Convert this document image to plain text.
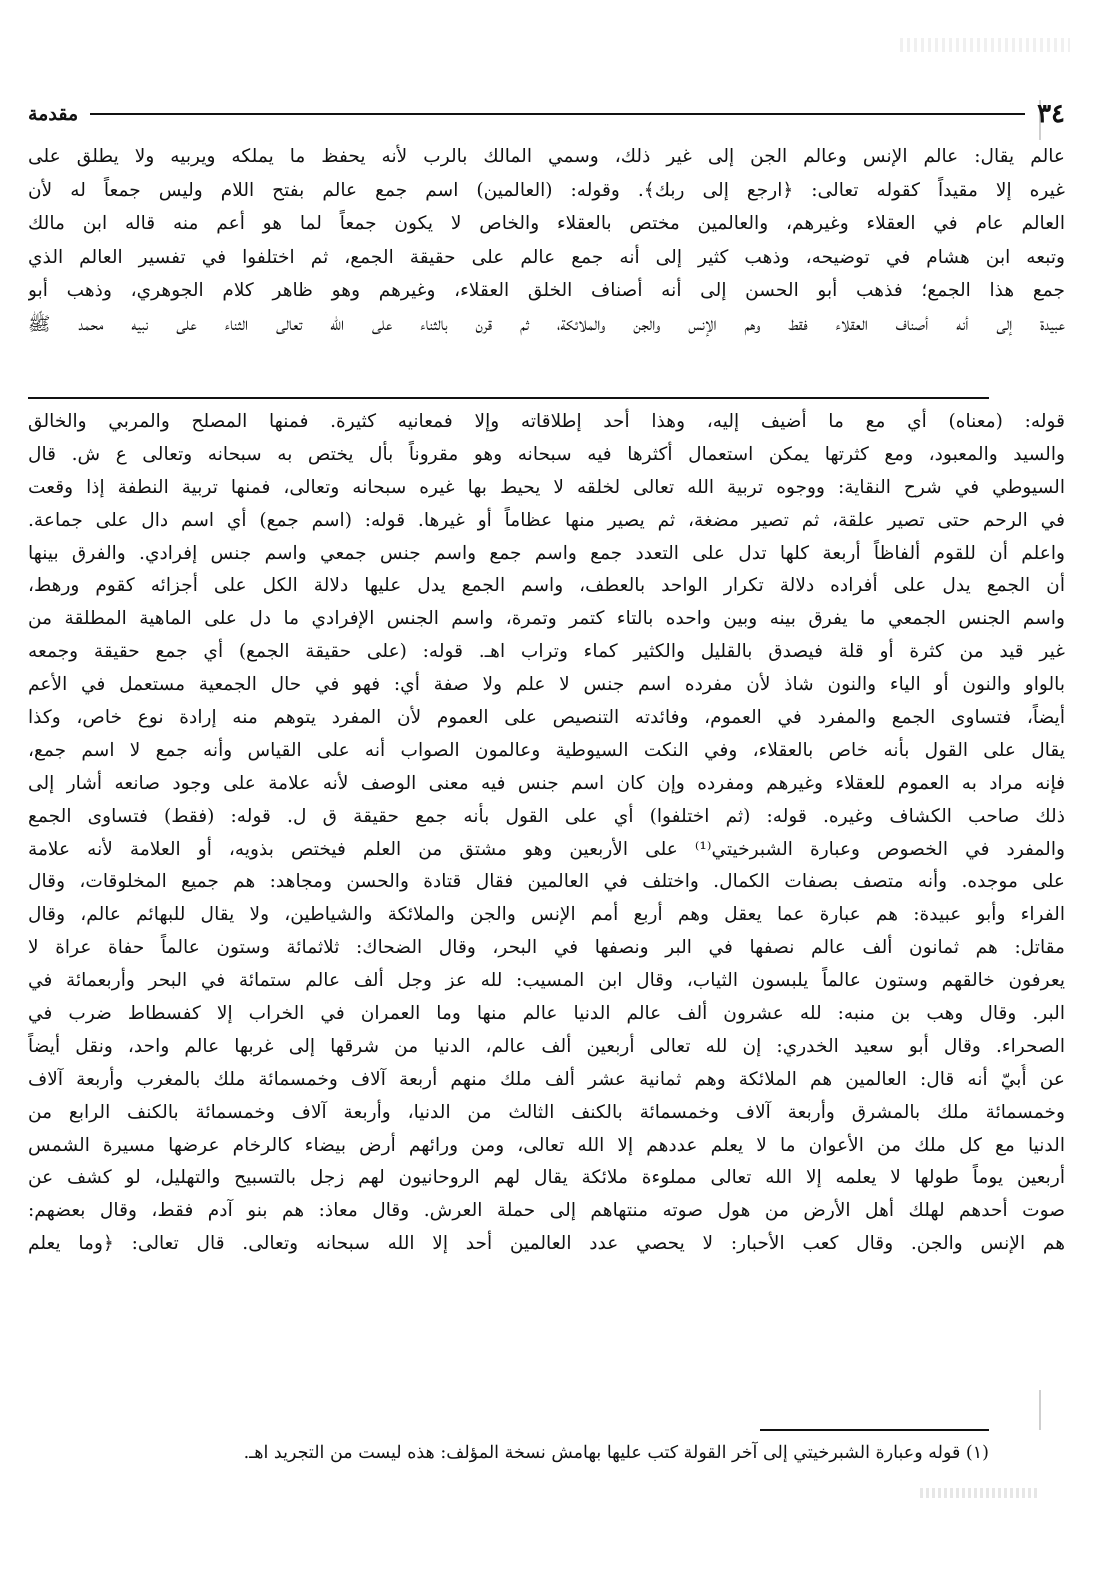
٣٤
مقدمة
عالم يقال: عالم الإنس وعالم الجن إلى غير ذلك، وسمي المالك بالرب لأنه يحفظ ما يملكه ويربيه ولا يطلق على
غيره إلا مقيداً كقوله تعالى: ﴿ارجع إلى ربك﴾. وقوله: (العالمين) اسم جمع عالم بفتح اللام وليس جمعاً له لأن
العالم عام في العقلاء وغيرهم، والعالمين مختص بالعقلاء والخاص لا يكون جمعاً لما هو أعم منه قاله ابن مالك
وتبعه ابن هشام في توضيحه، وذهب كثير إلى أنه جمع عالم على حقيقة الجمع، ثم اختلفوا في تفسير العالم الذي
جمع هذا الجمع؛ فذهب أبو الحسن إلى أنه أصناف الخلق العقلاء، وغيرهم وهو ظاهر كلام الجوهري، وذهب أبو
عبيدة إلى أنه أصناف العقلاء فقط وهم الإنس والجن والملائكة، ثم قرن بالثناء على الله تعالى الثناء على نبيه محمد ﷺ
قوله: (معناه) أي مع ما أضيف إليه، وهذا أحد إطلاقاته وإلا فمعانيه كثيرة. فمنها المصلح والمربي والخالق
والسيد والمعبود، ومع كثرتها يمكن استعمال أكثرها فيه سبحانه وهو مقروناً بأل يختص به سبحانه وتعالى ع ش. قال
السيوطي في شرح النقاية: ووجوه تربية الله تعالى لخلقه لا يحيط بها غيره سبحانه وتعالى، فمنها تربية النطفة إذا وقعت
في الرحم حتى تصير علقة، ثم تصير مضغة، ثم يصير منها عظاماً أو غيرها. قوله: (اسم جمع) أي اسم دال على جماعة.
واعلم أن للقوم ألفاظاً أربعة كلها تدل على التعدد جمع واسم جمع واسم جنس جمعي واسم جنس إفرادي. والفرق بينها
أن الجمع يدل على أفراده دلالة تكرار الواحد بالعطف، واسم الجمع يدل عليها دلالة الكل على أجزائه كقوم ورهط،
واسم الجنس الجمعي ما يفرق بينه وبين واحده بالتاء كتمر وتمرة، واسم الجنس الإفرادي ما دل على الماهية المطلقة من
غير قيد من كثرة أو قلة فيصدق بالقليل والكثير كماء وتراب اهـ. قوله: (على حقيقة الجمع) أي جمع حقيقة وجمعه
بالواو والنون أو الياء والنون شاذ لأن مفرده اسم جنس لا علم ولا صفة أي: فهو في حال الجمعية مستعمل في الأعم
أيضاً، فتساوى الجمع والمفرد في العموم، وفائدته التنصيص على العموم لأن المفرد يتوهم منه إرادة نوع خاص، وكذا
يقال على القول بأنه خاص بالعقلاء، وفي النكت السيوطية وعالمون الصواب أنه على القياس وأنه جمع لا اسم جمع،
فإنه مراد به العموم للعقلاء وغيرهم ومفرده وإن كان اسم جنس فيه معنى الوصف لأنه علامة على وجود صانعه أشار إلى
ذلك صاحب الكشاف وغيره. قوله: (ثم اختلفوا) أي على القول بأنه جمع حقيقة ق ل. قوله: (فقط) فتساوى الجمع
والمفرد في الخصوص وعبارة الشبرخيتي⁽¹⁾ على الأربعين وهو مشتق من العلم فيختص بذويه، أو العلامة لأنه علامة
على موجده. وأنه متصف بصفات الكمال. واختلف في العالمين فقال قتادة والحسن ومجاهد: هم جميع المخلوقات، وقال
الفراء وأبو عبيدة: هم عبارة عما يعقل وهم أربع أمم الإنس والجن والملائكة والشياطين، ولا يقال للبهائم عالم، وقال
مقاتل: هم ثمانون ألف عالم نصفها في البر ونصفها في البحر، وقال الضحاك: ثلاثمائة وستون عالماً حفاة عراة لا
يعرفون خالقهم وستون عالماً يلبسون الثياب، وقال ابن المسيب: لله عز وجل ألف عالم ستمائة في البحر وأربعمائة في
البر. وقال وهب بن منبه: لله عشرون ألف عالم الدنيا عالم منها وما العمران في الخراب إلا كفسطاط ضرب في
الصحراء. وقال أبو سعيد الخدري: إن لله تعالى أربعين ألف عالم، الدنيا من شرقها إلى غربها عالم واحد، ونقل أيضاً
عن أُبيّ أنه قال: العالمين هم الملائكة وهم ثمانية عشر ألف ملك منهم أربعة آلاف وخمسمائة ملك بالمغرب وأربعة آلاف
وخمسمائة ملك بالمشرق وأربعة آلاف وخمسمائة بالكنف الثالث من الدنيا، وأربعة آلاف وخمسمائة بالكنف الرابع من
الدنيا مع كل ملك من الأعوان ما لا يعلم عددهم إلا الله تعالى، ومن ورائهم أرض بيضاء كالرخام عرضها مسيرة الشمس
أربعين يوماً طولها لا يعلمه إلا الله تعالى مملوءة ملائكة يقال لهم الروحانيون لهم زجل بالتسبيح والتهليل، لو كشف عن
صوت أحدهم لهلك أهل الأرض من هول صوته منتهاهم إلى حملة العرش. وقال معاذ: هم بنو آدم فقط، وقال بعضهم:
هم الإنس والجن. وقال كعب الأحبار: لا يحصي عدد العالمين أحد إلا الله سبحانه وتعالى. قال تعالى: ﴿وما يعلم
(١) قوله وعبارة الشبرخيتي إلى آخر القولة كتب عليها بهامش نسخة المؤلف: هذه ليست من التجريد اهـ.
